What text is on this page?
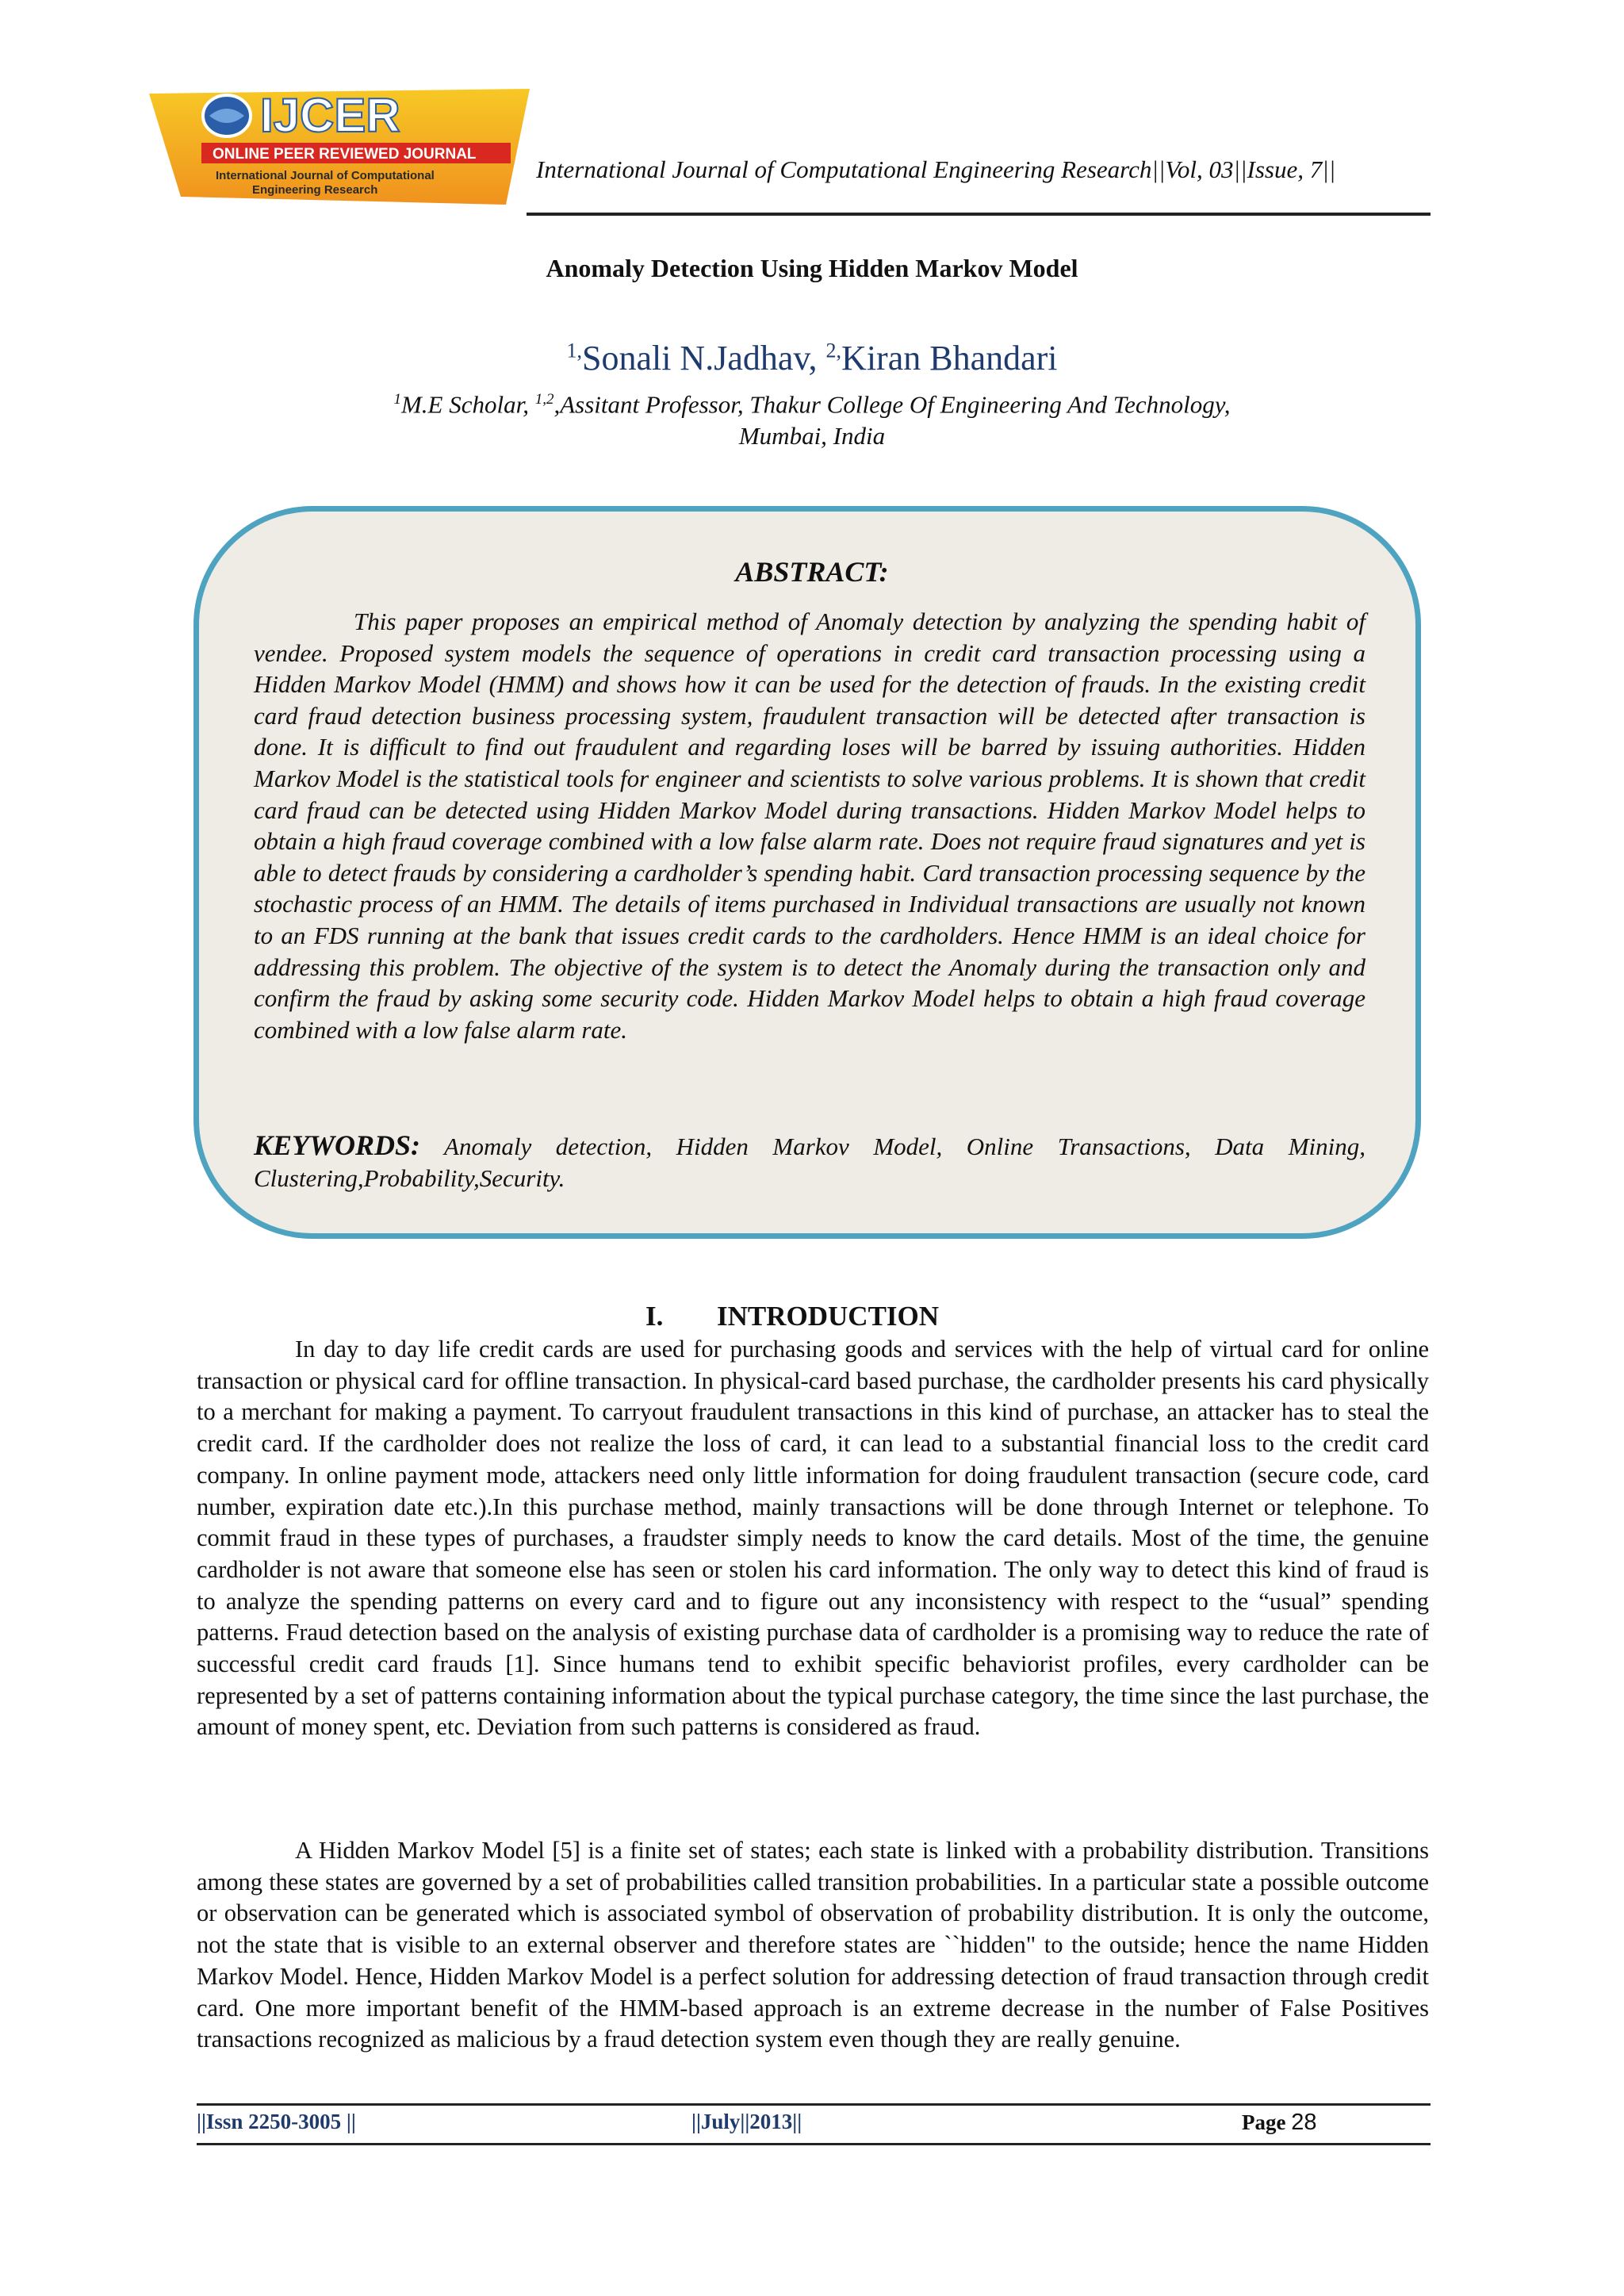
IJCER
ONLINE PEER REVIEWED JOURNAL
International Journal of Computational
Engineering Research
International Journal of Computational Engineering Research||Vol, 03||Issue, 7||
Anomaly Detection Using Hidden Markov Model
$^{1,}$Sonali N.Jadhav, $^{2,}$Kiran Bhandari
$^1$M.E Scholar, $^{1,2}$,Assitant Professor, Thakur College Of Engineering And Technology,
Mumbai, India
ABSTRACT:
This paper proposes an empirical method of Anomaly detection by analyzing the spending habit of vendee. Proposed system models the sequence of operations in credit card transaction processing using a Hidden Markov Model (HMM) and shows how it can be used for the detection of frauds. In the existing credit card fraud detection business processing system, fraudulent transaction will be detected after transaction is done. It is difficult to find out fraudulent and regarding loses will be barred by issuing authorities. Hidden Markov Model is the statistical tools for engineer and scientists to solve various problems. It is shown that credit card fraud can be detected using Hidden Markov Model during transactions. Hidden Markov Model helps to obtain a high fraud coverage combined with a low false alarm rate. Does not require fraud signatures and yet is able to detect frauds by considering a cardholder’s spending habit. Card transaction processing sequence by the stochastic process of an HMM. The details of items purchased in Individual transactions are usually not known to an FDS running at the bank that issues credit cards to the cardholders. Hence HMM is an ideal choice for addressing this problem. The objective of the system is to detect the Anomaly during the transaction only and confirm the fraud by asking some security code. Hidden Markov Model helps to obtain a high fraud coverage combined with a low false alarm rate.
KEYWORDS: Anomaly detection, Hidden Markov Model, Online Transactions, Data Mining, Clustering,Probability,Security.
I. INTRODUCTION
In day to day life credit cards are used for purchasing goods and services with the help of virtual card for online transaction or physical card for offline transaction. In physical-card based purchase, the cardholder presents his card physically to a merchant for making a payment. To carryout fraudulent transactions in this kind of purchase, an attacker has to steal the credit card. If the cardholder does not realize the loss of card, it can lead to a substantial financial loss to the credit card company. In online payment mode, attackers need only little information for doing fraudulent transaction (secure code, card number, expiration date etc.).In this purchase method, mainly transactions will be done through Internet or telephone. To commit fraud in these types of purchases, a fraudster simply needs to know the card details. Most of the time, the genuine cardholder is not aware that someone else has seen or stolen his card information. The only way to detect this kind of fraud is to analyze the spending patterns on every card and to figure out any inconsistency with respect to the “usual” spending patterns. Fraud detection based on the analysis of existing purchase data of cardholder is a promising way to reduce the rate of successful credit card frauds [1]. Since humans tend to exhibit specific behaviorist profiles, every cardholder can be represented by a set of patterns containing information about the typical purchase category, the time since the last purchase, the amount of money spent, etc. Deviation from such patterns is considered as fraud.
A Hidden Markov Model [5] is a finite set of states; each state is linked with a probability distribution. Transitions among these states are governed by a set of probabilities called transition probabilities. In a particular state a possible outcome or observation can be generated which is associated symbol of observation of probability distribution. It is only the outcome, not the state that is visible to an external observer and therefore states are ``hidden" to the outside; hence the name Hidden Markov Model. Hence, Hidden Markov Model is a perfect solution for addressing detection of fraud transaction through credit card. One more important benefit of the HMM-based approach is an extreme decrease in the number of False Positives transactions recognized as malicious by a fraud detection system even though they are really genuine.
||Issn 2250-3005 ||	||July||2013||	Page 28
